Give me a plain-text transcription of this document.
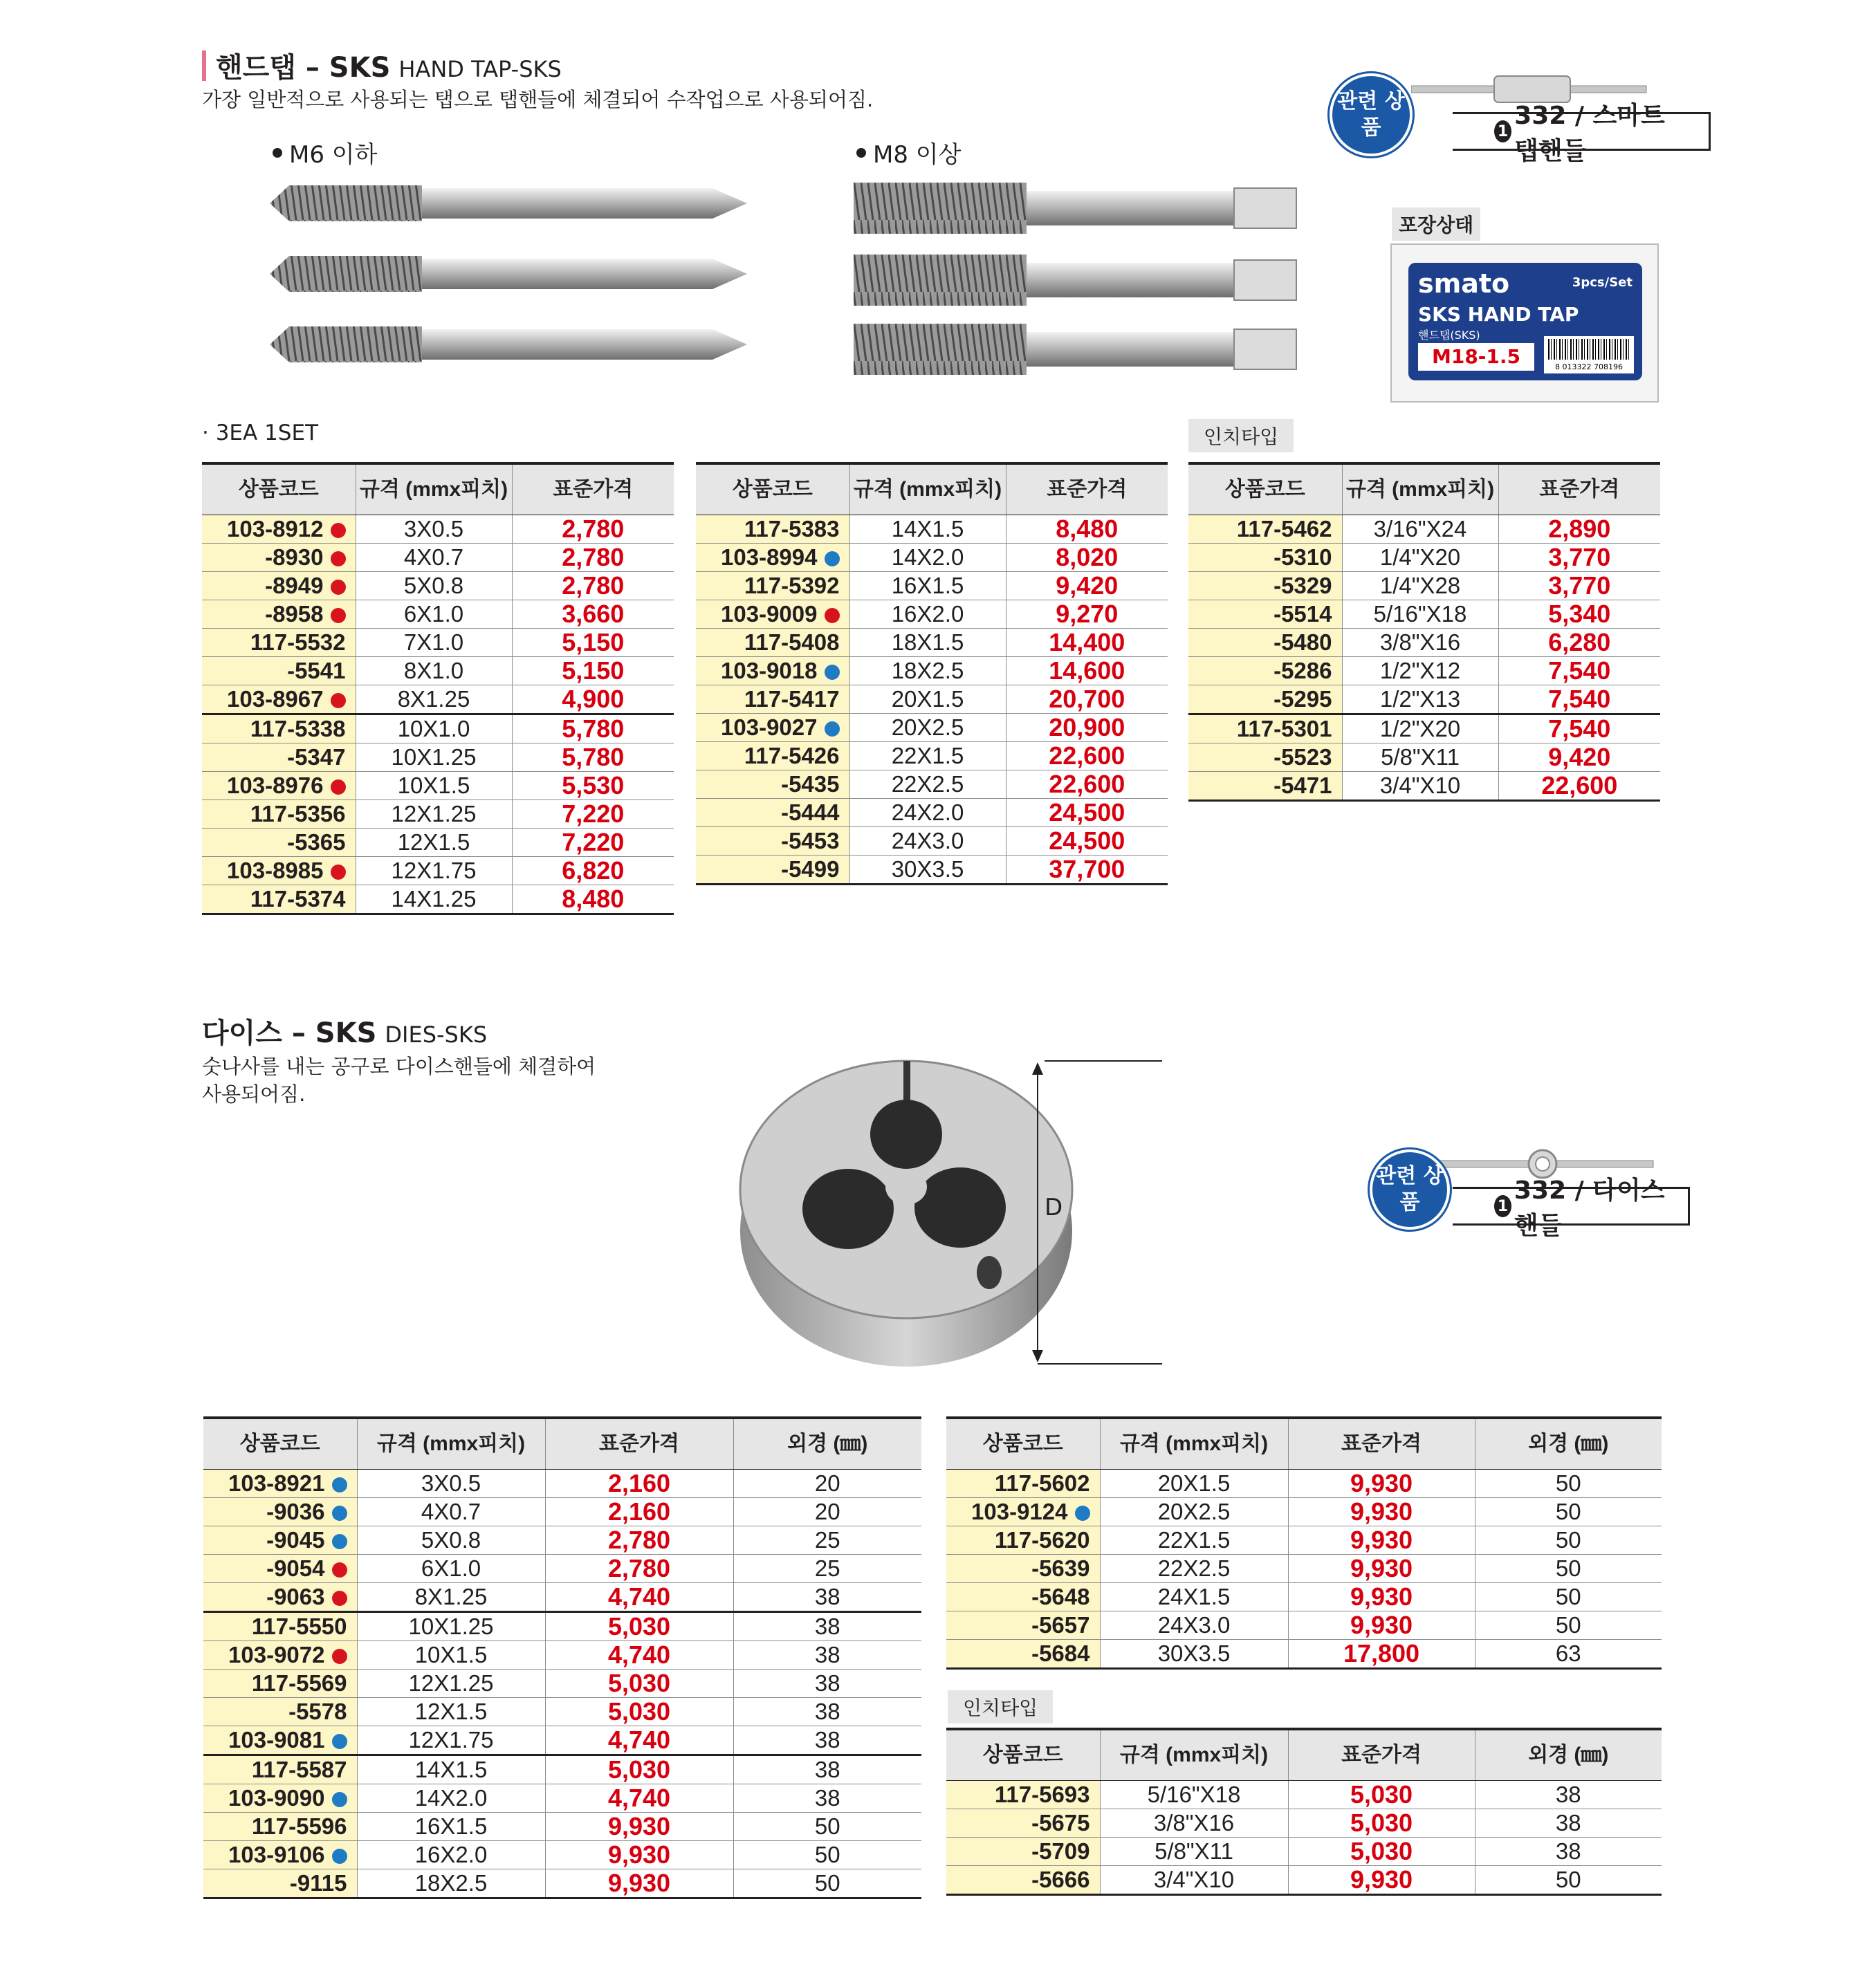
핸드탭 – SKS HAND TAP-SKS
가장 일반적으로 사용되는 탭으로 탭핸들에 체결되어 수작업으로 사용되어짐.
M6 이하	M8 이상
1
332 / 스마트 탭핸들
관련 상품
포장상태
smato	3pcs/Set
SKS HAND TAP
핸드탭(SKS)
M18-1.5	8 013322 708196
· 3EA 1SET	인치타입
상품코드	규격 (mmx피치)	표준가격
103-8912	3X0.5	2,780
-8930	4X0.7	2,780
-8949	5X0.8	2,780
-8958	6X1.0	3,660
117-5532	7X1.0	5,150
-5541	8X1.0	5,150
103-8967	8X1.25	4,900
117-5338	10X1.0	5,780
-5347	10X1.25	5,780
103-8976	10X1.5	5,530
117-5356	12X1.25	7,220
-5365	12X1.5	7,220
103-8985	12X1.75	6,820
117-5374	14X1.25	8,480
상품코드	규격 (mmx피치)	표준가격
117-5383	14X1.5	8,480
103-8994	14X2.0	8,020
117-5392	16X1.5	9,420
103-9009	16X2.0	9,270
117-5408	18X1.5	14,400
103-9018	18X2.5	14,600
117-5417	20X1.5	20,700
103-9027	20X2.5	20,900
117-5426	22X1.5	22,600
-5435	22X2.5	22,600
-5444	24X2.0	24,500
-5453	24X3.0	24,500
-5499	30X3.5	37,700
상품코드	규격 (mmx피치)	표준가격
117-5462	3/16"X24	2,890
-5310	1/4"X20	3,770
-5329	1/4"X28	3,770
-5514	5/16"X18	5,340
-5480	3/8"X16	6,280
-5286	1/2"X12	7,540
-5295	1/2"X13	7,540
117-5301	1/2"X20	7,540
-5523	5/8"X11	9,420
-5471	3/4"X10	22,600
다이스 – SKS DIES-SKS
숫나사를 내는 공구로 다이스핸들에 체결하여
사용되어짐.
D	1
332 / 다이스 핸들
관련 상품
상품코드	규격 (mmx피치)	표준가격	외경 (㎜)
103-8921	3X0.5	2,160	20
-9036	4X0.7	2,160	20
-9045	5X0.8	2,780	25
-9054	6X1.0	2,780	25
-9063	8X1.25	4,740	38
117-5550	10X1.25	5,030	38
103-9072	10X1.5	4,740	38
117-5569	12X1.25	5,030	38
-5578	12X1.5	5,030	38
103-9081	12X1.75	4,740	38
117-5587	14X1.5	5,030	38
103-9090	14X2.0	4,740	38
117-5596	16X1.5	9,930	50
103-9106	16X2.0	9,930	50
-9115	18X2.5	9,930	50
상품코드	규격 (mmx피치)	표준가격	외경 (㎜)
117-5602	20X1.5	9,930	50
103-9124	20X2.5	9,930	50
117-5620	22X1.5	9,930	50
-5639	22X2.5	9,930	50
-5648	24X1.5	9,930	50
-5657	24X3.0	9,930	50
-5684	30X3.5	17,800	63
인치타입
상품코드	규격 (mmx피치)	표준가격	외경 (㎜)
117-5693	5/16"X18	5,030	38
-5675	3/8"X16	5,030	38
-5709	5/8"X11	5,030	38
-5666	3/4"X10	9,930	50
